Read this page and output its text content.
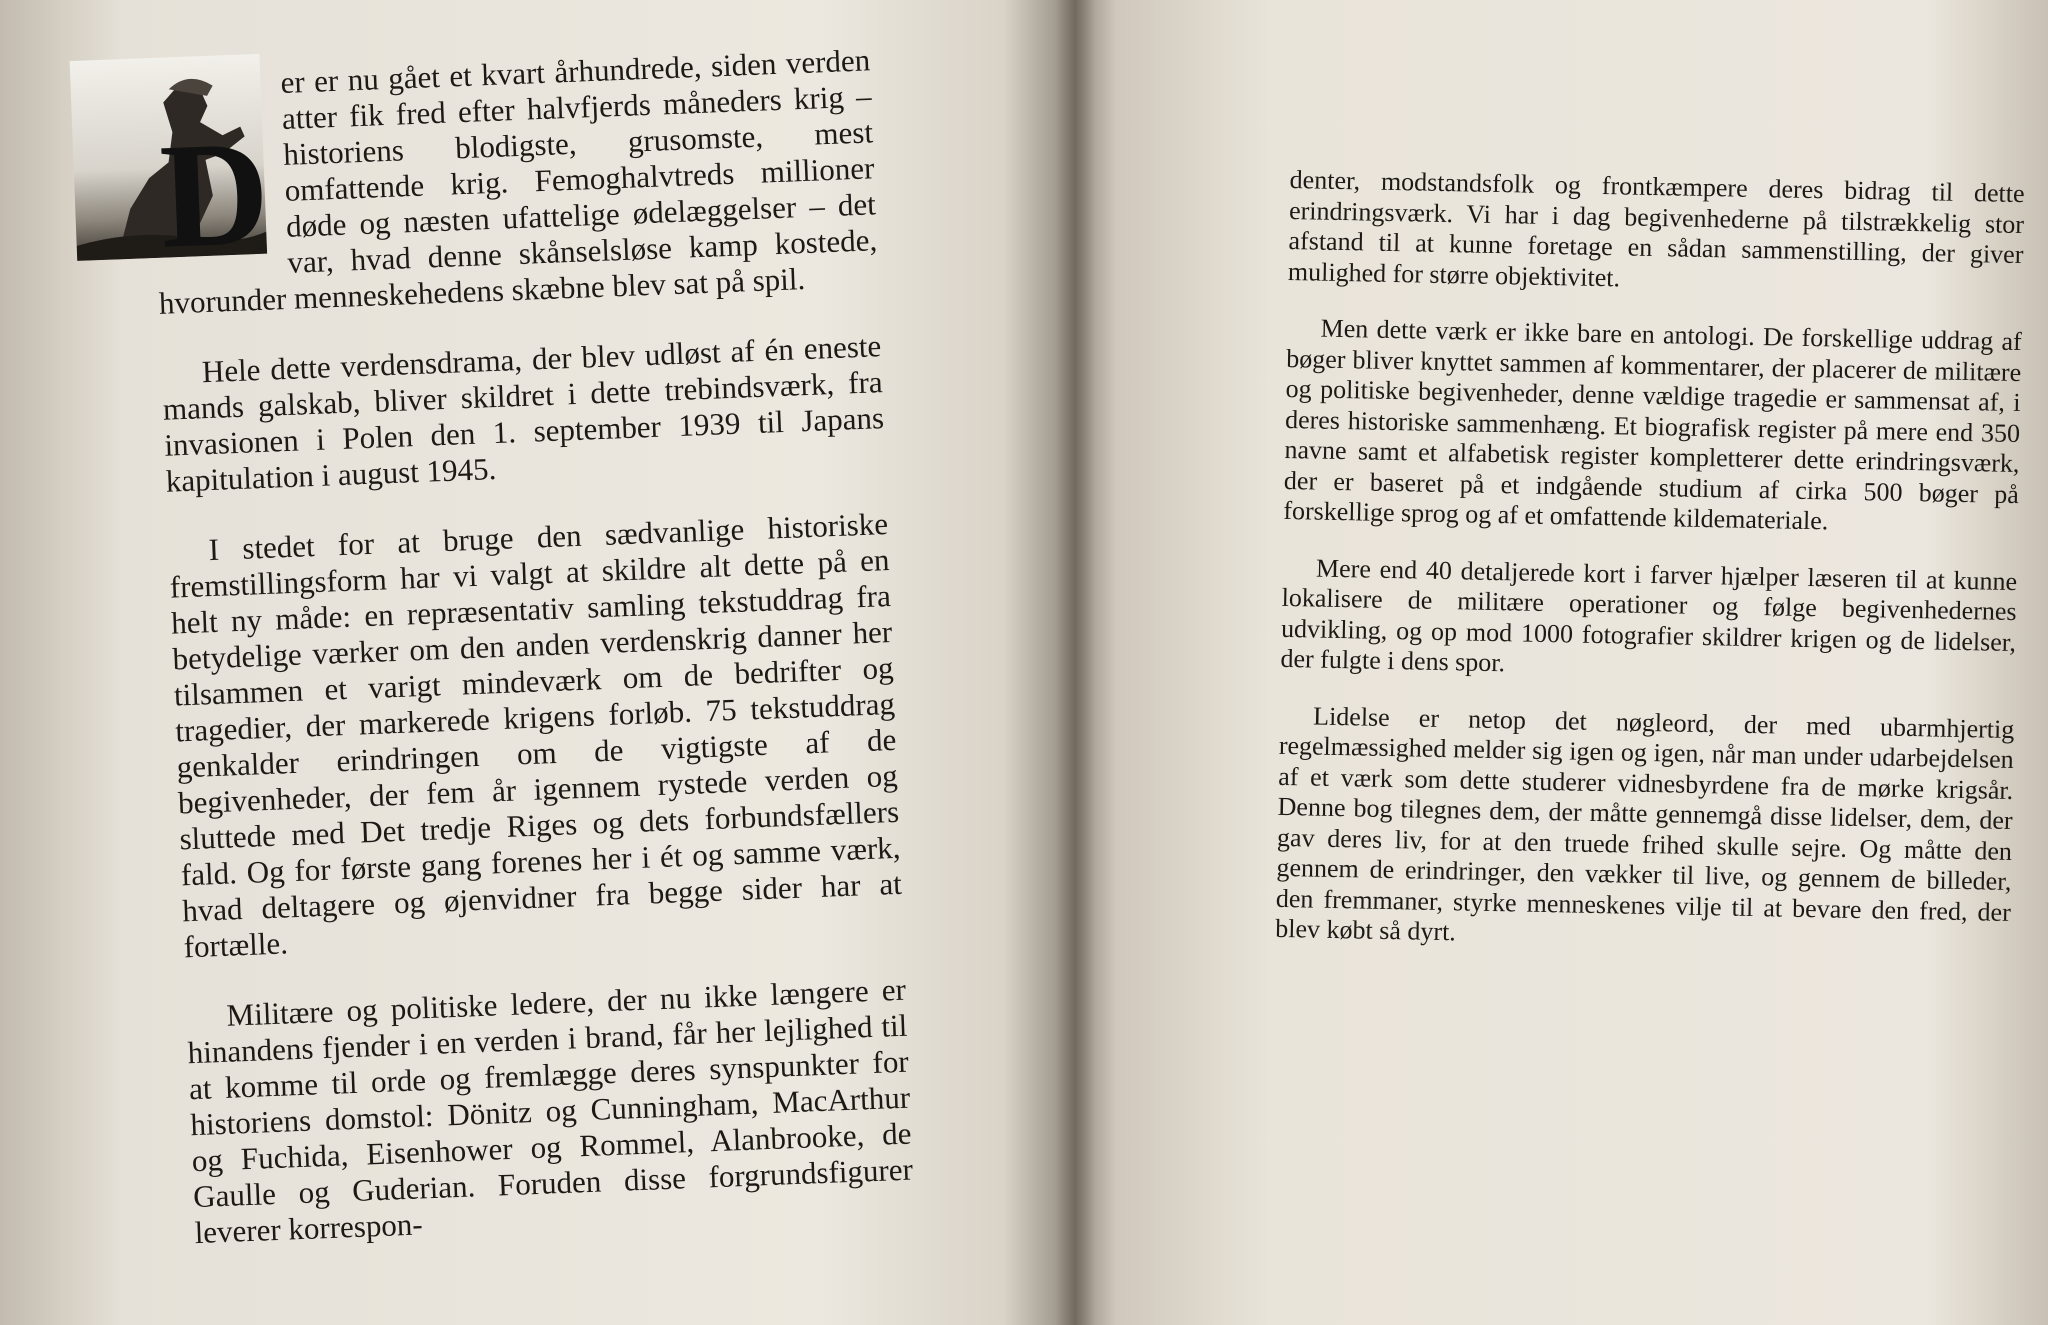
D
er er nu gået et kvart århundrede, siden verden atter fik fred efter halvfjerds måneders krig – historiens blodigste, grusomste, mest omfattende krig. Femoghalvtreds millioner døde og næsten ufattelige ødelæggelser – det var, hvad denne skånselsløse kamp kostede, hvorunder menneskehedens skæbne blev sat på spil.

Hele dette verdensdrama, der blev udløst af én eneste mands galskab, bliver skildret i dette trebindsværk, fra invasionen i Polen den 1. september 1939 til Japans kapitulation i august 1945.

I stedet for at bruge den sædvanlige historiske fremstillingsform har vi valgt at skildre alt dette på en helt ny måde: en repræsentativ samling tekstuddrag fra betydelige værker om den anden verdenskrig danner her tilsammen et varigt mindeværk om de bedrifter og tragedier, der markerede krigens forløb. 75 tekstuddrag genkalder erindringen om de vigtigste af de begivenheder, der fem år igennem rystede verden og sluttede med Det tredje Riges og dets forbundsfællers fald. Og for første gang forenes her i ét og samme værk, hvad deltagere og øjenvidner fra begge sider har at fortælle.

Militære og politiske ledere, der nu ikke længere er hinandens fjender i en verden i brand, får her lejlighed til at komme til orde og fremlægge deres synspunkter for historiens domstol: Dönitz og Cunningham, MacArthur og Fuchida, Eisenhower og Rommel, Alanbrooke, de Gaulle og Guderian. Foruden disse forgrundsfigurer leverer korrespon-

denter, modstandsfolk og frontkæmpere deres bidrag til dette erindringsværk. Vi har i dag begivenhederne på tilstrækkelig stor afstand til at kunne foretage en sådan sammenstilling, der giver mulighed for større objektivitet.

Men dette værk er ikke bare en antologi. De forskellige uddrag af bøger bliver knyttet sammen af kommentarer, der placerer de militære og politiske begivenheder, denne vældige tragedie er sammensat af, i deres historiske sammenhæng. Et biografisk register på mere end 350 navne samt et alfabetisk register kompletterer dette erindringsværk, der er baseret på et indgående studium af cirka 500 bøger på forskellige sprog og af et omfattende kildemateriale.

Mere end 40 detaljerede kort i farver hjælper læseren til at kunne lokalisere de militære operationer og følge begivenhedernes udvikling, og op mod 1000 fotografier skildrer krigen og de lidelser, der fulgte i dens spor.

Lidelse er netop det nøgleord, der med ubarmhjertig regelmæssighed melder sig igen og igen, når man under udarbejdelsen af et værk som dette studerer vidnesbyrdene fra de mørke krigsår. Denne bog tilegnes dem, der måtte gennemgå disse lidelser, dem, der gav deres liv, for at den truede frihed skulle sejre. Og måtte den gennem de erindringer, den vækker til live, og gennem de billeder, den fremmaner, styrke menneskenes vilje til at bevare den fred, der blev købt så dyrt.
